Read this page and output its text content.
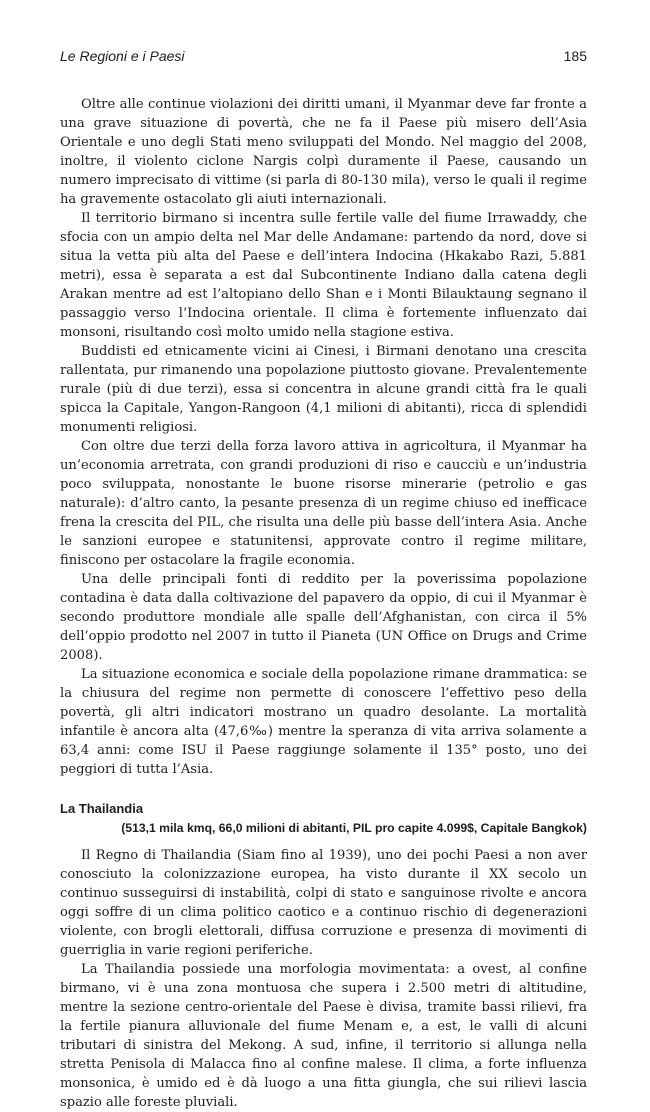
Le Regioni e i Paesi	185

Oltre alle continue violazioni dei diritti umani, il Myanmar deve far fronte a una grave situazione di povertà, che ne fa il Paese più misero dell’Asia Orientale e uno degli Stati meno sviluppati del Mondo. Nel maggio del 2008, inoltre, il violento ciclone Nargis colpì duramente il Paese, causando un numero imprecisato di vittime (si parla di 80-130 mila), verso le quali il regime ha gravemente ostacolato gli aiuti internazionali.

Il territorio birmano si incentra sulle fertile valle del fiume Irrawaddy, che sfocia con un ampio delta nel Mar delle Andamane: partendo da nord, dove si situa la vetta più alta del Paese e dell’intera Indocina (Hkakabo Razi, 5.881 metri), essa è separata a est dal Subcontinente Indiano dalla catena degli Arakan mentre ad est l’altopiano dello Shan e i Monti Bilauktaung segnano il passaggio verso l’Indocina orientale. Il clima è fortemente influenzato dai monsoni, risultando così molto umido nella stagione estiva.

Buddisti ed etnicamente vicini ai Cinesi, i Birmani denotano una crescita rallentata, pur rimanendo una popolazione piuttosto giovane. Prevalentemente rurale (più di due terzi), essa si concentra in alcune grandi città fra le quali spicca la Capitale, Yangon-Rangoon (4,1 milioni di abitanti), ricca di splendidi monumenti religiosi.

Con oltre due terzi della forza lavoro attiva in agricoltura, il Myanmar ha un’economia arretrata, con grandi produzioni di riso e caucciù e un’industria poco sviluppata, nonostante le buone risorse minerarie (petrolio e gas naturale): d’altro canto, la pesante presenza di un regime chiuso ed inefficace frena la crescita del PIL, che risulta una delle più basse dell’intera Asia. Anche le sanzioni europee e statunitensi, approvate contro il regime militare, finiscono per ostacolare la fragile economia.

Una delle principali fonti di reddito per la poverissima popolazione contadina è data dalla coltivazione del papavero da oppio, di cui il Myanmar è secondo produttore mondiale alle spalle dell’Afghanistan, con circa il 5% dell’oppio prodotto nel 2007 in tutto il Pianeta (UN Office on Drugs and Crime 2008).

La situazione economica e sociale della popolazione rimane drammatica: se la chiusura del regime non permette di conoscere l’effettivo peso della povertà, gli altri indicatori mostrano un quadro desolante. La mortalità infantile è ancora alta (47,6‰) mentre la speranza di vita arriva solamente a 63,4 anni: come ISU il Paese raggiunge solamente il 135° posto, uno dei peggiori di tutta l’Asia.

La Thailandia
(513,1 mila kmq, 66,0 milioni di abitanti, PIL pro capite 4.099$, Capitale Bangkok)

Il Regno di Thailandia (Siam fino al 1939), uno dei pochi Paesi a non aver conosciuto la colonizzazione europea, ha visto durante il XX secolo un continuo susseguirsi di instabilità, colpi di stato e sanguinose rivolte e ancora oggi soffre di un clima politico caotico e a continuo rischio di degenerazioni violente, con brogli elettorali, diffusa corruzione e presenza di movimenti di guerriglia in varie regioni periferiche.

La Thailandia possiede una morfologia movimentata: a ovest, al confine birmano, vi è una zona montuosa che supera i 2.500 metri di altitudine, mentre la sezione centro-orientale del Paese è divisa, tramite bassi rilievi, fra la fertile pianura alluvionale del fiume Menam e, a est, le valli di alcuni tributari di sinistra del Mekong. A sud, infine, il territorio si allunga nella stretta Penisola di Malacca fino al confine malese. Il clima, a forte influenza monsonica, è umido ed è dà luogo a una fitta giungla, che sui rilievi lascia spazio alle foreste pluviali.
